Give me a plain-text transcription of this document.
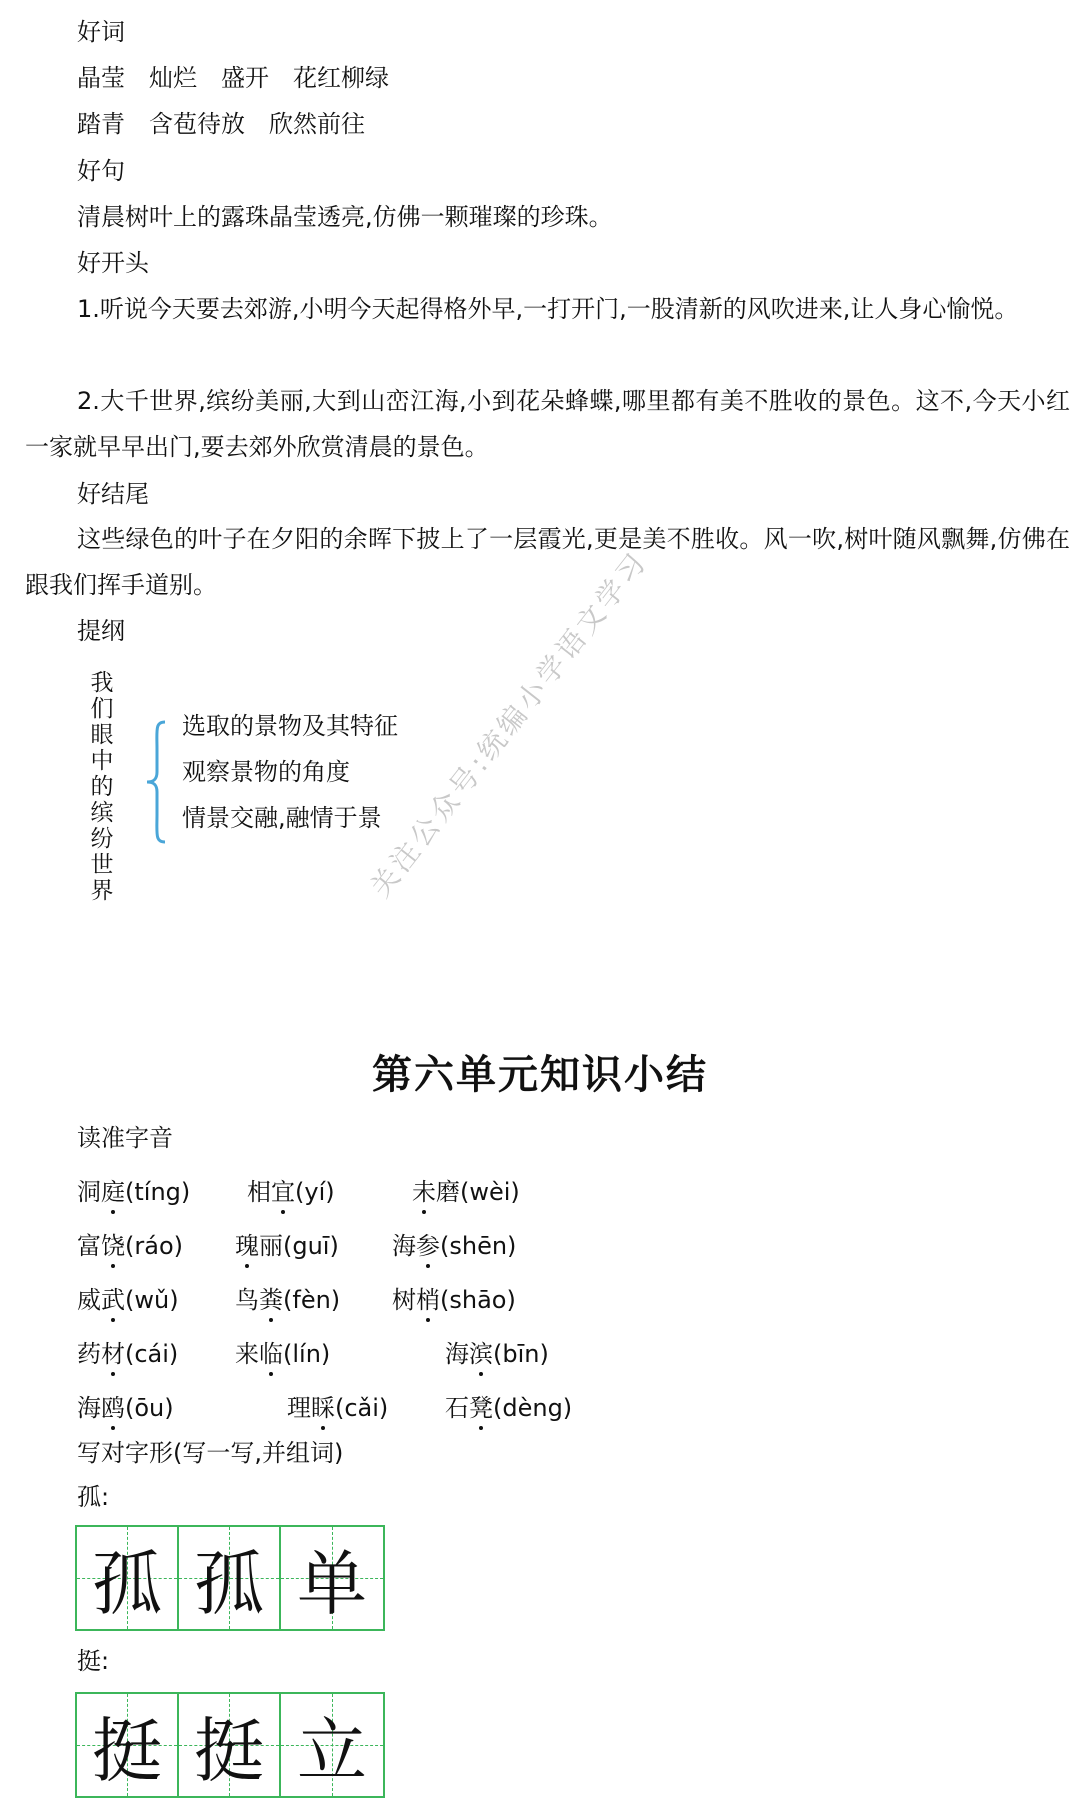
好词
晶莹　灿烂　盛开　花红柳绿
踏青　含苞待放　欣然前往
好句
清晨树叶上的露珠晶莹透亮,仿佛一颗璀璨的珍珠。
好开头
1.听说今天要去郊游,小明今天起得格外早,一打开门,一股清新的风吹进来,让人身心愉悦。
2.大千世界,缤纷美丽,大到山峦江海,小到花朵蜂蝶,哪里都有美不胜收的景色。这不,今天小红一家就早早出门,要去郊外欣赏清晨的景色。
好结尾
这些绿色的叶子在夕阳的余晖下披上了一层霞光,更是美不胜收。风一吹,树叶随风飘舞,仿佛在跟我们挥手道别。
提纲
我们眼中的缤纷世界
选取的景物及其特征
观察景物的角度
情景交融,融情于景
关注公众号:统编小学语文学习
第六单元知识小结
读准字音
洞庭(tíng) 相宜(yí)	未磨(wèi)
富饶(ráo) 瑰丽(guī) 海参(shēn)
威武(wǔ) 鸟粪(fèn) 树梢(shāo)
药材(cái) 来临(lín)	海滨(bīn)
海鸥(ōu)	理睬(cǎi) 石凳(dèng)
写对字形(写一写,并组词)
孤:
孤 孤 单
挺:
挺 挺 立
